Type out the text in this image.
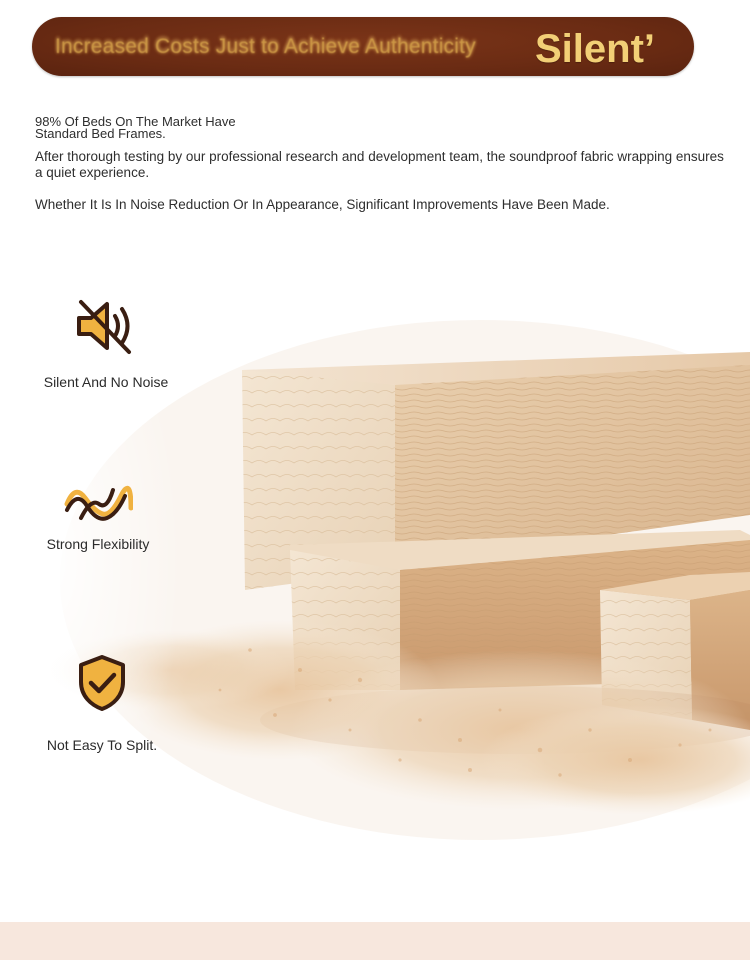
Increased Costs Just to Achieve Authenticity Silent’
98% Of Beds On The Market Have
Standard Bed Frames.
After thorough testing by our professional research and development team, the soundproof fabric wrapping ensures a quiet experience.
Whether It Is In Noise Reduction Or In Appearance, Significant Improvements Have Been Made.
Silent And No Noise
Strong Flexibility
Not Easy To Split.
